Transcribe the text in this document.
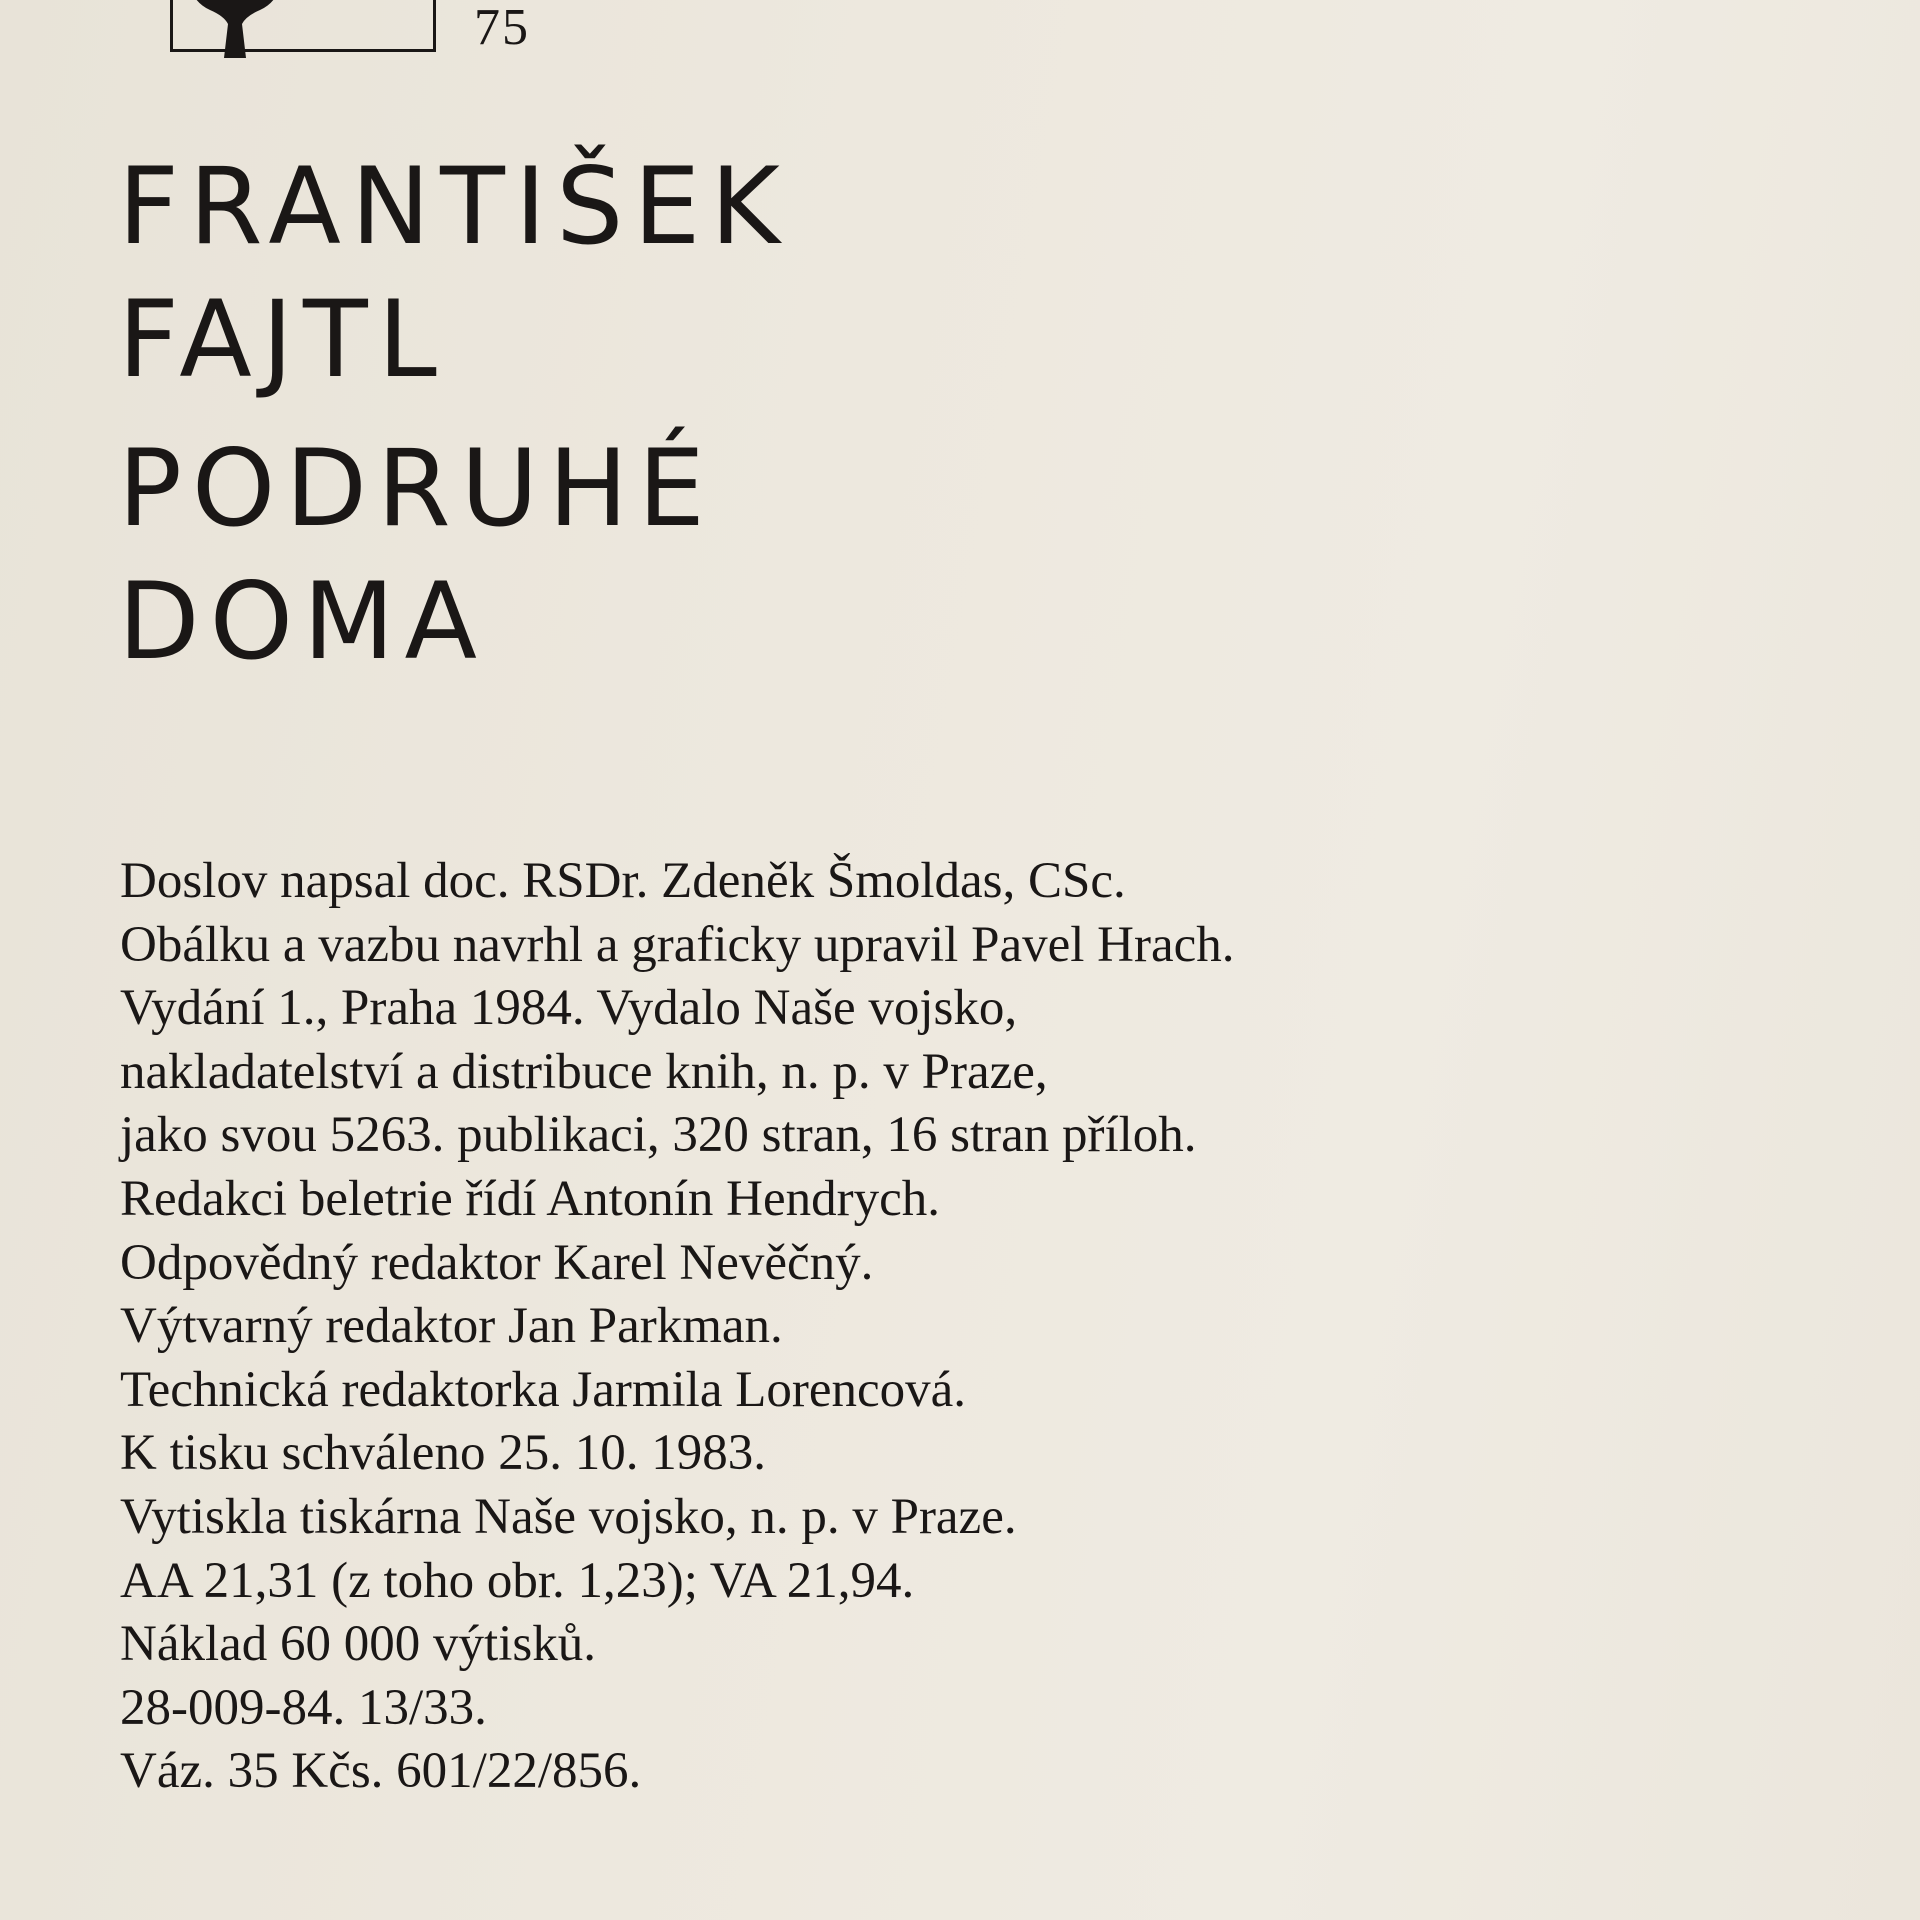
75
FRANTIŠEK
FAJTL
PODRUHÉ
DOMA
Doslov napsal doc. RSDr. Zdeněk Šmoldas, CSc.
Obálku a vazbu navrhl a graficky upravil Pavel Hrach.
Vydání 1., Praha 1984. Vydalo Naše vojsko,
nakladatelství a distribuce knih, n. p. v Praze,
jako svou 5263. publikaci, 320 stran, 16 stran příloh.
Redakci beletrie řídí Antonín Hendrych.
Odpovědný redaktor Karel Nevěčný.
Výtvarný redaktor Jan Parkman.
Technická redaktorka Jarmila Lorencová.
K tisku schváleno 25. 10. 1983.
Vytiskla tiskárna Naše vojsko, n. p. v Praze.
AA 21,31 (z toho obr. 1,23); VA 21,94.
Náklad 60 000 výtisků.
28-009-84. 13/33.
Váz. 35 Kčs. 601/22/856.
